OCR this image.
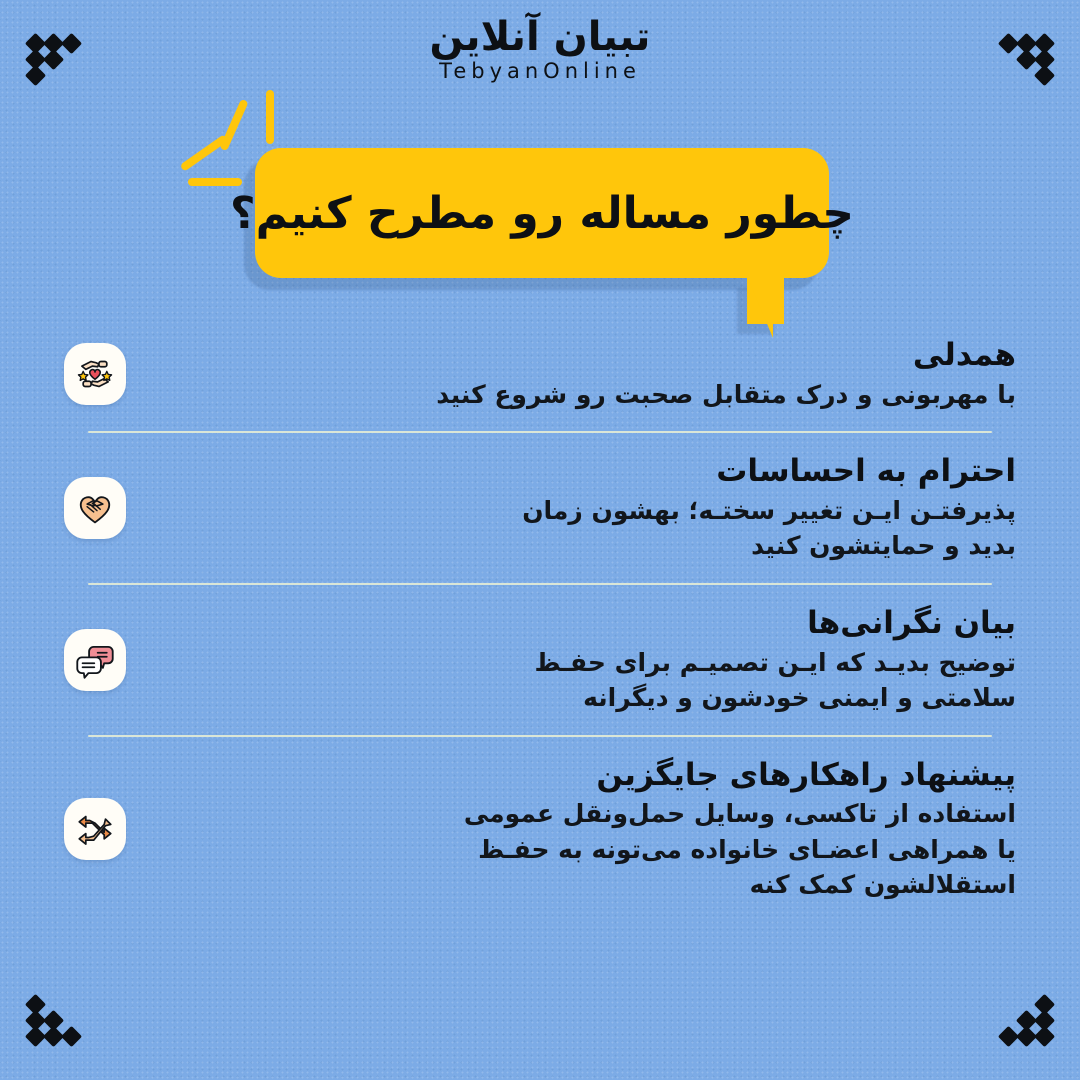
تبیان آنلاین
TebyanOnline
چطور مساله رو مطرح کنیم؟
همدلی
با مهربونی و درک متقابل صحبت رو شروع کنید
احترام به احساسات
پذیرفتـن ایـن تغییر سختـه؛ بهشون زمان
بدید و حمایتشون کنید
بیان نگرانی‌ها
توضیح بدیـد که ایـن تصمیـم برای حفـظ
سلامتی و ایمنی خودشون و دیگرانه
پیشنهاد راهکارهای جایگزین
استفاده از تاکسی، وسایل حمل‌ونقل عمومی
یا همراهی اعضـای خانواده می‌تونه به حفـظ
استقلالشون کمک کنه
